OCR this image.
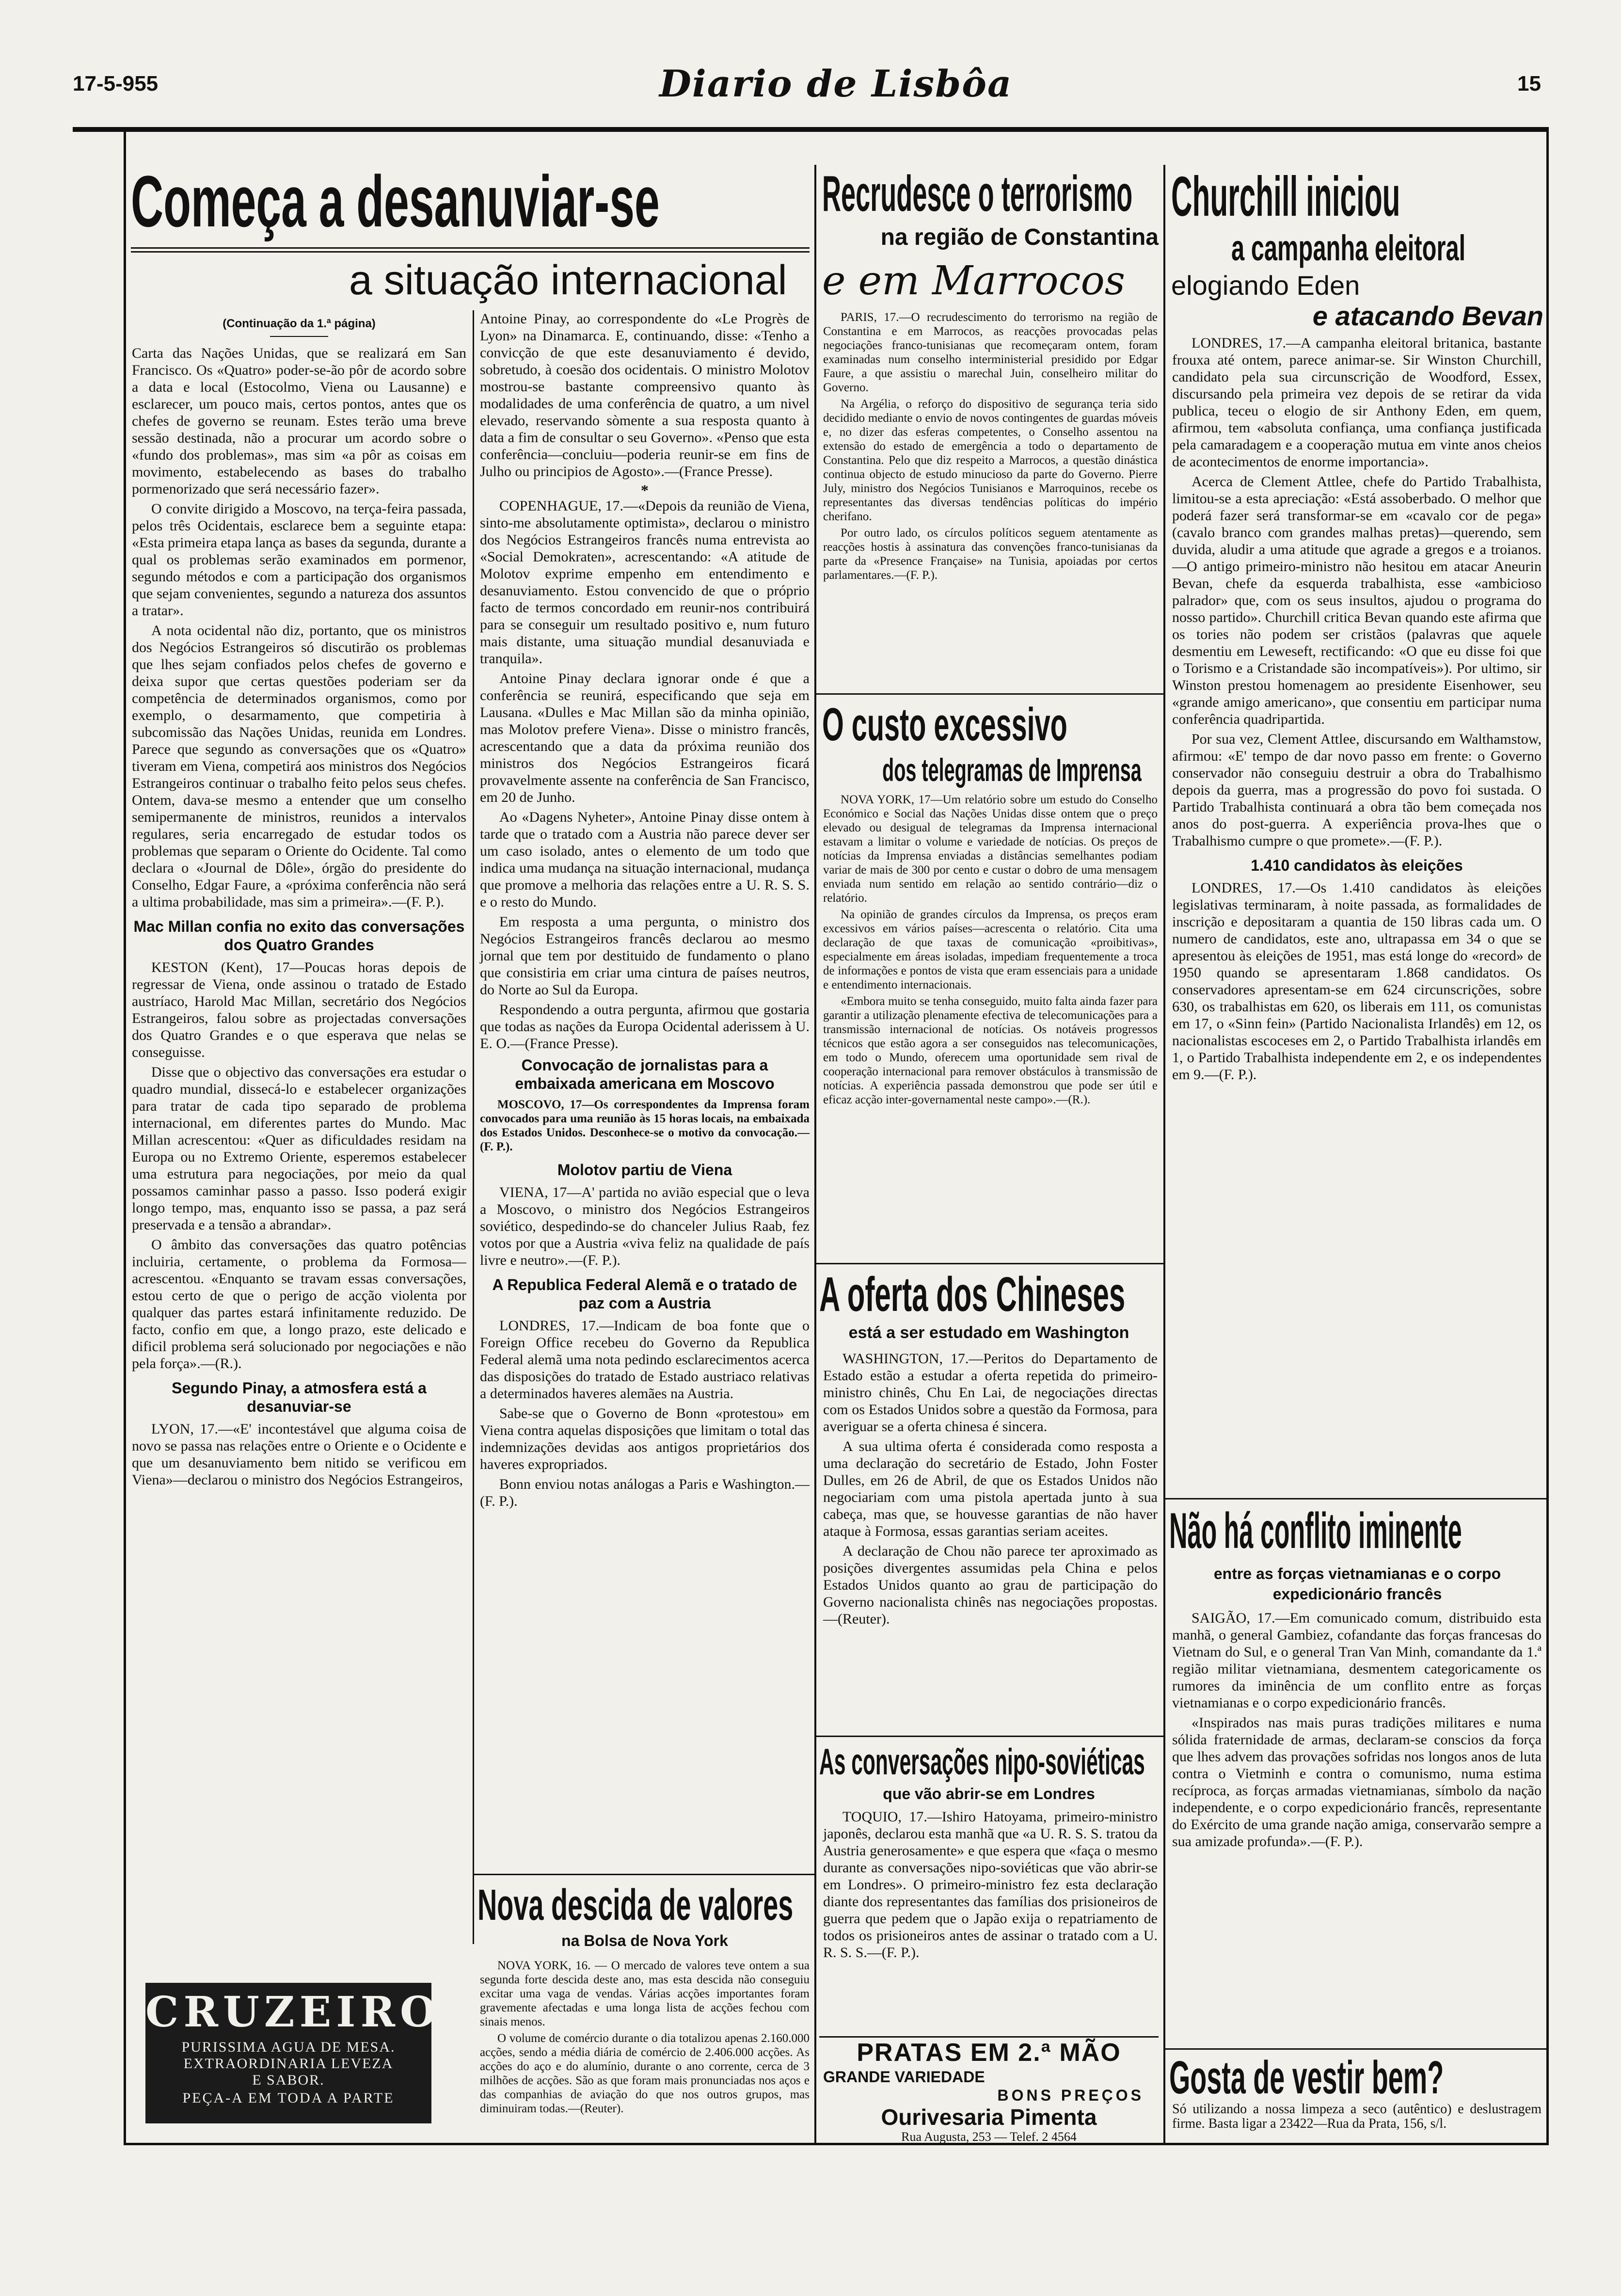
17-5-955	Diario de Lisbôa	15
Começa a desanuviar-se
a situação internacional
(Continuação da 1.ª página)

Carta das Nações Unidas, que se realizará em San Francisco. Os «Quatro» poder-se-ão pôr de acordo sobre a data e local (Estocolmo, Viena ou Lausanne) e esclarecer, um pouco mais, certos pontos, antes que os chefes de governo se reunam. Estes terão uma breve sessão destinada, não a procurar um acordo sobre o «fundo dos problemas», mas sim «a pôr as coisas em movimento, estabelecendo as bases do trabalho pormenorizado que será necessário fazer».

O convite dirigido a Moscovo, na terça-feira passada, pelos três Ocidentais, esclarece bem a seguinte etapa: «Esta primeira etapa lança as bases da segunda, durante a qual os problemas serão examinados em pormenor, segundo métodos e com a participação dos organismos que sejam convenientes, segundo a natureza dos assuntos a tratar».

A nota ocidental não diz, portanto, que os ministros dos Negócios Estrangeiros só discutirão os problemas que lhes sejam confiados pelos chefes de governo e deixa supor que certas questões poderiam ser da competência de determinados organismos, como por exemplo, o desarmamento, que competiria à subcomissão das Nações Unidas, reunida em Londres. Parece que segundo as conversações que os «Quatro» tiveram em Viena, competirá aos ministros dos Negócios Estrangeiros continuar o trabalho feito pelos seus chefes. Ontem, dava-se mesmo a entender que um conselho semipermanente de ministros, reunidos a intervalos regulares, seria encarregado de estudar todos os problemas que separam o Oriente do Ocidente. Tal como declara o «Journal de Dôle», órgão do presidente do Conselho, Edgar Faure, a «próxima conferência não será a ultima probabilidade, mas sim a primeira».—(F. P.).

Mac Millan confia no exito das conversações dos Quatro Grandes

KESTON (Kent), 17—Poucas horas depois de regressar de Viena, onde assinou o tratado de Estado austríaco, Harold Mac Millan, secretário dos Negócios Estrangeiros, falou sobre as projectadas conversações dos Quatro Grandes e o que esperava que nelas se conseguisse.

Disse que o objectivo das conversações era estudar o quadro mundial, dissecá-lo e estabelecer organizações para tratar de cada tipo separado de problema internacional, em diferentes partes do Mundo. Mac Millan acrescentou: «Quer as dificuldades residam na Europa ou no Extremo Oriente, esperemos estabelecer uma estrutura para negociações, por meio da qual possamos caminhar passo a passo. Isso poderá exigir longo tempo, mas, enquanto isso se passa, a paz será preservada e a tensão a abrandar».

O âmbito das conversações das quatro potências incluiria, certamente, o problema da Formosa—acrescentou. «Enquanto se travam essas conversações, estou certo de que o perigo de acção violenta por qualquer das partes estará infinitamente reduzido. De facto, confio em que, a longo prazo, este delicado e dificil problema será solucionado por negociações e não pela força».—(R.).

Segundo Pinay, a atmosfera está a desanuviar-se

LYON, 17.—«E' incontestável que alguma coisa de novo se passa nas relações entre o Oriente e o Ocidente e que um desanuviamento bem nitido se verificou em Viena»—declarou o ministro dos Negócios Estrangeiros,

CRUZEIRO
PURISSIMA AGUA DE MESA.
EXTRAORDINARIA LEVEZA
E SABOR.
PEÇA-A EM TODA A PARTE

Antoine Pinay, ao correspondente do «Le Progrès de Lyon» na Dinamarca. E, continuando, disse: «Tenho a convicção de que este desanuviamento é devido, sobretudo, à coesão dos ocidentais. O ministro Molotov mostrou-se bastante compreensivo quanto às modalidades de uma conferência de quatro, a um nivel elevado, reservando sòmente a sua resposta quanto à data a fim de consultar o seu Governo». «Penso que esta conferência—concluiu—poderia reunir-se em fins de Julho ou principios de Agosto».—(France Presse).

*

COPENHAGUE, 17.—«Depois da reunião de Viena, sinto-me absolutamente optimista», declarou o ministro dos Negócios Estrangeiros francês numa entrevista ao «Social Demokraten», acrescentando: «A atitude de Molotov exprime empenho em entendimento e desanuviamento. Estou convencido de que o próprio facto de termos concordado em reunir-nos contribuirá para se conseguir um resultado positivo e, num futuro mais distante, uma situação mundial desanuviada e tranquila».

Antoine Pinay declara ignorar onde é que a conferência se reunirá, especificando que seja em Lausana. «Dulles e Mac Millan são da minha opinião, mas Molotov prefere Viena». Disse o ministro francês, acrescentando que a data da próxima reunião dos ministros dos Negócios Estrangeiros ficará provavelmente assente na conferência de San Francisco, em 20 de Junho.

Ao «Dagens Nyheter», Antoine Pinay disse ontem à tarde que o tratado com a Austria não parece dever ser um caso isolado, antes o elemento de um todo que indica uma mudança na situação internacional, mudança que promove a melhoria das relações entre a U. R. S. S. e o resto do Mundo.

Em resposta a uma pergunta, o ministro dos Negócios Estrangeiros francês declarou ao mesmo jornal que tem por destituido de fundamento o plano que consistiria em criar uma cintura de países neutros, do Norte ao Sul da Europa.

Respondendo a outra pergunta, afirmou que gostaria que todas as nações da Europa Ocidental aderissem à U. E. O.—(France Presse).

Convocação de jornalistas para a embaixada americana em Moscovo

MOSCOVO, 17—Os correspondentes da Imprensa foram convocados para uma reunião às 15 horas locais, na embaixada dos Estados Unidos. Desconhece-se o motivo da convocação.—(F. P.).

Molotov partiu de Viena

VIENA, 17—A' partida no avião especial que o leva a Moscovo, o ministro dos Negócios Estrangeiros soviético, despedindo-se do chanceler Julius Raab, fez votos por que a Austria «viva feliz na qualidade de país livre e neutro».—(F. P.).

A Republica Federal Alemã e o tratado de paz com a Austria

LONDRES, 17.—Indicam de boa fonte que o Foreign Office recebeu do Governo da Republica Federal alemã uma nota pedindo esclarecimentos acerca das disposições do tratado de Estado austriaco relativas a determinados haveres alemães na Austria.

Sabe-se que o Governo de Bonn «protestou» em Viena contra aquelas disposições que limitam o total das indemnizações devidas aos antigos proprietários dos haveres expropriados.

Bonn enviou notas análogas a Paris e Washington.—(F. P.).

Nova descida de valores
na Bolsa de Nova York

NOVA YORK, 16. — O mercado de valores teve ontem a sua segunda forte descida deste ano, mas esta descida não conseguiu excitar uma vaga de vendas. Várias acções importantes foram gravemente afectadas e uma longa lista de acções fechou com sinais menos.

O volume de comércio durante o dia totalizou apenas 2.160.000 acções, sendo a média diária de comércio de 2.406.000 acções. As acções do aço e do alumínio, durante o ano corrente, cerca de 3 milhões de acções. São as que foram mais pronunciadas nos aços e das companhias de aviação do que nos outros grupos, mas diminuiram todas.—(Reuter).

Recrudesce o terrorismo
na região de Constantina
e em Marrocos

PARIS, 17.—O recrudescimento do terrorismo na região de Constantina e em Marrocos, as reacções provocadas pelas negociações franco-tunisianas que recomeçaram ontem, foram examinadas num conselho interministerial presidido por Edgar Faure, a que assistiu o marechal Juin, conselheiro militar do Governo.

Na Argélia, o reforço do dispositivo de segurança teria sido decidido mediante o envio de novos contingentes de guardas móveis e, no dizer das esferas competentes, o Conselho assentou na extensão do estado de emergência a todo o departamento de Constantina. Pelo que diz respeito a Marrocos, a questão dinástica continua objecto de estudo minucioso da parte do Governo. Pierre July, ministro dos Negócios Tunisianos e Marroquinos, recebe os representantes das diversas tendências políticas do império cherifano.

Por outro lado, os círculos políticos seguem atentamente as reacções hostis à assinatura das convenções franco-tunisianas da parte da «Presence Française» na Tunisia, apoiadas por certos parlamentares.—(F. P.).

O custo excessivo
dos telegramas de Imprensa

NOVA YORK, 17—Um relatório sobre um estudo do Conselho Económico e Social das Nações Unidas disse ontem que o preço elevado ou desigual de telegramas da Imprensa internacional estavam a limitar o volume e variedade de notícias. Os preços de notícias da Imprensa enviadas a distâncias semelhantes podiam variar de mais de 300 por cento e custar o dobro de uma mensagem enviada num sentido em relação ao sentido contrário—diz o relatório.

Na opinião de grandes círculos da Imprensa, os preços eram excessivos em vários países—acrescenta o relatório. Cita uma declaração de que taxas de comunicação «proibitivas», especialmente em áreas isoladas, impediam frequentemente a troca de informações e pontos de vista que eram essenciais para a unidade e entendimento internacionais.

«Embora muito se tenha conseguido, muito falta ainda fazer para garantir a utilização plenamente efectiva de telecomunicações para a transmissão internacional de notícias. Os notáveis progressos técnicos que estão agora a ser conseguidos nas telecomunicações, em todo o Mundo, oferecem uma oportunidade sem rival de cooperação internacional para remover obstáculos à transmissão de notícias. A experiência passada demonstrou que pode ser útil e eficaz acção inter-governamental neste campo».—(R.).

A oferta dos Chineses
está a ser estudado em Washington

WASHINGTON, 17.—Peritos do Departamento de Estado estão a estudar a oferta repetida do primeiro-ministro chinês, Chu En Lai, de negociações directas com os Estados Unidos sobre a questão da Formosa, para averiguar se a oferta chinesa é sincera.

A sua ultima oferta é considerada como resposta a uma declaração do secretário de Estado, John Foster Dulles, em 26 de Abril, de que os Estados Unidos não negociariam com uma pistola apertada junto à sua cabeça, mas que, se houvesse garantias de não haver ataque à Formosa, essas garantias seriam aceites.

A declaração de Chou não parece ter aproximado as posições divergentes assumidas pela China e pelos Estados Unidos quanto ao grau de participação do Governo nacionalista chinês nas negociações propostas.—(Reuter).

As conversações nipo-soviéticas
que vão abrir-se em Londres

TOQUIO, 17.—Ishiro Hatoyama, primeiro-ministro japonês, declarou esta manhã que «a U. R. S. S. tratou da Austria generosamente» e que espera que «faça o mesmo durante as conversações nipo-soviéticas que vão abrir-se em Londres». O primeiro-ministro fez esta declaração diante dos representantes das famílias dos prisioneiros de guerra que pedem que o Japão exija o repatriamento de todos os prisioneiros antes de assinar o tratado com a U. R. S. S.—(F. P.).

PRATAS EM 2.ª MÃO
GRANDE VARIEDADE
BONS PREÇOS
Ourivesaria Pimenta
Rua Augusta, 253 — Telef. 2 4564
Churchill iniciou
a campanha eleitoral
elogiando Eden
e atacando Bevan

LONDRES, 17.—A campanha eleitoral britanica, bastante frouxa até ontem, parece animar-se. Sir Winston Churchill, candidato pela sua circunscrição de Woodford, Essex, discursando pela primeira vez depois de se retirar da vida publica, teceu o elogio de sir Anthony Eden, em quem, afirmou, tem «absoluta confiança, uma confiança justificada pela camaradagem e a cooperação mutua em vinte anos cheios de acontecimentos de enorme importancia».

Acerca de Clement Attlee, chefe do Partido Trabalhista, limitou-se a esta apreciação: «Está assoberbado. O melhor que poderá fazer será transformar-se em «cavalo cor de pega» (cavalo branco com grandes malhas pretas)—querendo, sem duvida, aludir a uma atitude que agrade a gregos e a troianos.—O antigo primeiro-ministro não hesitou em atacar Aneurin Bevan, chefe da esquerda trabalhista, esse «ambicioso palrador» que, com os seus insultos, ajudou o programa do nosso partido». Churchill critica Bevan quando este afirma que os tories não podem ser cristãos (palavras que aquele desmentiu em Leweseft, rectificando: «O que eu disse foi que o Torismo e a Cristandade são incompatíveis»). Por ultimo, sir Winston prestou homenagem ao presidente Eisenhower, seu «grande amigo americano», que consentiu em participar numa conferência quadripartida.

Por sua vez, Clement Attlee, discursando em Walthamstow, afirmou: «E' tempo de dar novo passo em frente: o Governo conservador não conseguiu destruir a obra do Trabalhismo depois da guerra, mas a progressão do povo foi sustada. O Partido Trabalhista continuará a obra tão bem começada nos anos do post-guerra. A experiência prova-lhes que o Trabalhismo cumpre o que promete».—(F. P.).

1.410 candidatos às eleições

LONDRES, 17.—Os 1.410 candidatos às eleições legislativas terminaram, à noite passada, as formalidades de inscrição e depositaram a quantia de 150 libras cada um. O numero de candidatos, este ano, ultrapassa em 34 o que se apresentou às eleições de 1951, mas está longe do «record» de 1950 quando se apresentaram 1.868 candidatos. Os conservadores apresentam-se em 624 circunscrições, sobre 630, os trabalhistas em 620, os liberais em 111, os comunistas em 17, o «Sinn fein» (Partido Nacionalista Irlandês) em 12, os nacionalistas escoceses em 2, o Partido Trabalhista irlandês em 1, o Partido Trabalhista independente em 2, e os independentes em 9.—(F. P.).

Não há conflito iminente
entre as forças vietnamianas e o corpo expedicionário francês

SAIGÃO, 17.—Em comunicado comum, distribuido esta manhã, o general Gambiez, cofandante das forças francesas do Vietnam do Sul, e o general Tran Van Minh, comandante da 1.ª região militar vietnamiana, desmentem categoricamente os rumores da iminência de um conflito entre as forças vietnamianas e o corpo expedicionário francês.

«Inspirados nas mais puras tradições militares e numa sólida fraternidade de armas, declaram-se conscios da força que lhes advem das provações sofridas nos longos anos de luta contra o Vietminh e contra o comunismo, numa estima recíproca, as forças armadas vietnamianas, símbolo da nação independente, e o corpo expedicionário francês, representante do Exército de uma grande nação amiga, conservarão sempre a sua amizade profunda».—(F. P.).

Gosta de vestir bem?

Só utilizando a nossa limpeza a seco (autêntico) e deslustragem firme. Basta ligar a 23422—Rua da Prata, 156, s/l.
